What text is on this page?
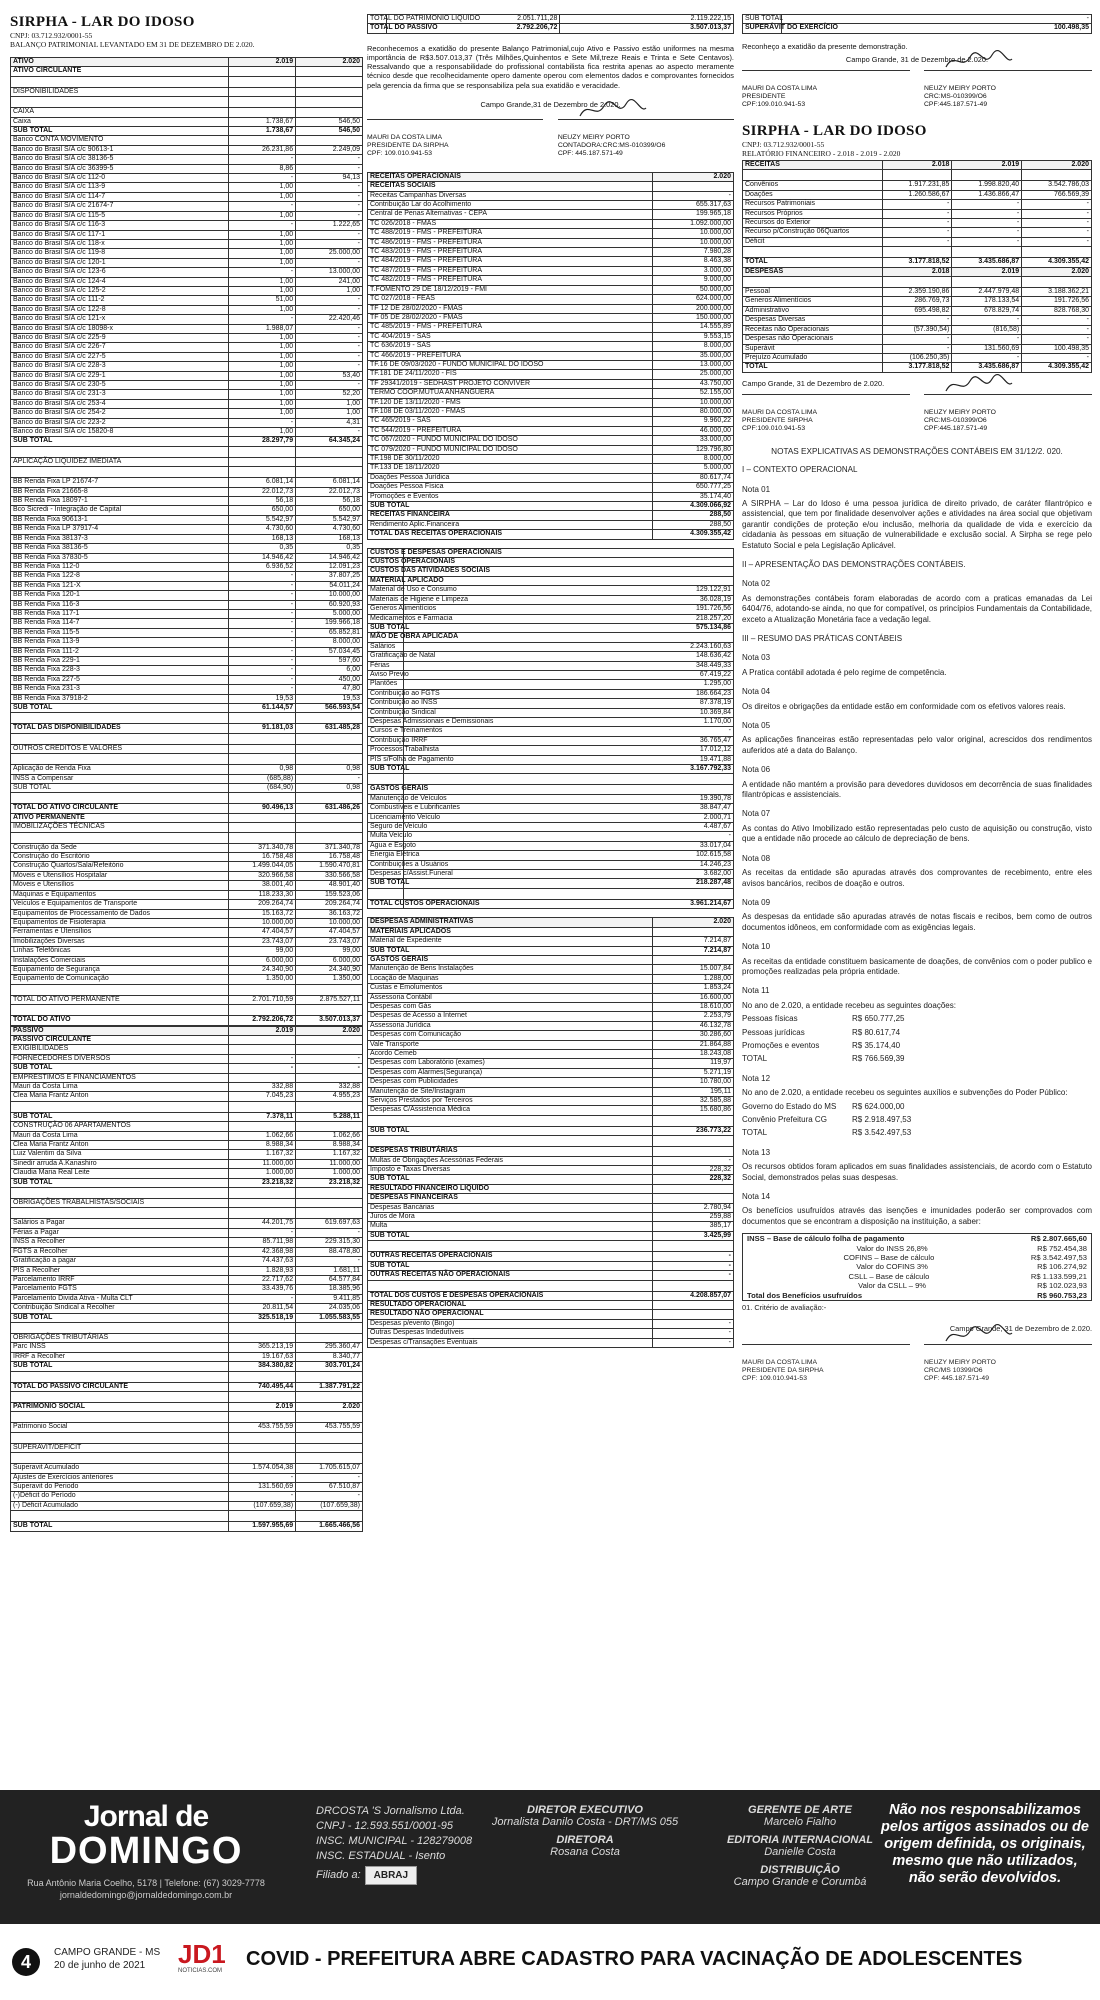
SIRPHA - LAR DO IDOSO
CNPJ: 03.712.932/0001-55
BALANÇO PATRIMONIAL LEVANTADO EM 31 DE DEZEMBRO DE 2.020.
ATIVO	2.019	2.020
ATIVO CIRCULANTE		

DISPONIBILIDADES		

CAIXA		
Caixa	1.738,67	546,50
SUB TOTAL	1.738,67	546,50
Banco CONTA MOVIMENTO		
Banco do Brasil S/A c/c 90613-1	26.231,86	2.249,09
Banco do Brasil S/A c/c 38136-5	-	-
Banco do Brasil S/A c/c 36399-5	8,86	-
Banco do Brasil S/A c/c 112-0	-	94,13
Banco do Brasil S/A c/c 113-9	1,00	-
Banco do Brasil S/A c/c 114-7	1,00	-
Banco do Brasil S/A c/c 21674-7	-	-
Banco do Brasil S/A c/c 115-5	1,00	-
Banco do Brasil S/A c/c 116-3	-	1.222,65
Banco do Brasil S/A c/c 117-1	1,00	-
Banco do Brasil S/A c/c 118-x	1,00	-
Banco do Brasil S/A c/c 119-8	1,00	25.000,00
Banco do Brasil S/A c/c 120-1	1,00	-
Banco do Brasil S/A c/c 123-6	-	13.000,00
Banco do Brasil S/A c/c 124-4	1,00	241,00
Banco do Brasil S/A c/c 125-2	1,00	1,00
Banco do Brasil S/A c/c 111-2	51,00	-
Banco do Brasil S/A c/c 122-8	1,00	-
Banco do Brasil S/A c/c 121-x	-	22.420,46
Banco do Brasil S/A c/c 18098-x	1.988,07	-
Banco do Brasil S/A c/c 225-9	1,00	-
Banco do Brasil S/A c/c 226-7	1,00	-
Banco do Brasil S/A c/c 227-5	1,00	-
Banco do Brasil S/A c/c 228-3	1,00	-
Banco do Brasil S/A c/c 229-1	1,00	53,40
Banco do Brasil S/A c/c 230-5	1,00	-
Banco do Brasil S/A c/c 231-3	1,00	52,20
Banco do Brasil S/A c/c 253-4	1,00	1,00
Banco do Brasil S/A c/c 254-2	1,00	1,00
Banco do Brasil S/A c/c 223-2	-	4,31
Banco do Brasil S/A c/c 15820-8	1,00	-
SUB TOTAL	28.297,79	64.345,24

APLICAÇÃO LIQUIDEZ IMEDIATA		

BB Renda Fixa LP 21674-7	6.081,14	6.081,14
BB Renda Fixa 21665-8	22.012,73	22.012,73
BB Renda Fixa 18097-1	56,18	56,18
Bco Sicredi - Integração de Capital	650,00	650,00
BB Renda Fixa 90613-1	5.542,97	5.542,97
BB Renda Fixa LP 37917-4	4.730,60	4.730,60
BB Renda Fixa 38137-3	168,13	168,13
BB Renda Fixa 38136-5	0,35	0,35
BB Renda Fixa 37830-5	14.946,42	14.946,42
BB Renda Fixa 112-0	6.936,52	12.091,23
BB Renda Fixa 122-8	-	37.807,25
BB Renda Fixa 121-X	-	54.011,24
BB Renda Fixa 120-1	-	10.000,00
BB Renda Fixa 116-3	-	60.920,93
BB Renda Fixa 117-1	-	5.000,00
BB Renda Fixa 114-7	-	199.966,18
BB Renda Fixa 115-5	-	65.852,81
BB Renda Fixa 113-9	-	8.000,00
BB Renda Fixa 111-2	-	57.034,45
BB Renda Fixa 229-1	-	597,60
BB Renda Fixa 228-3	-	6,00
BB Renda Fixa 227-5	-	450,00
BB Renda Fixa 231-3	-	47,80
BB Renda Fixa 37918-2	19,53	19,53
SUB TOTAL	61.144,57	566.593,54

TOTAL DAS DISPONIBILIDADES	91.181,03	631.485,28

OUTROS CREDITOS E VALORES		

Aplicação de Renda Fixa	0,98	0,98
INSS a Compensar	(685,88)	-
SUB TOTAL	(684,90)	0,98

TOTAL DO ATIVO CIRCULANTE	90.496,13	631.486,26
ATIVO PERMANENTE		
IMOBILIZAÇÕES TÉCNICAS		

Construção da Sede	371.340,78	371.340,78
Construção do Escritório	16.758,48	16.758,48
Construção Quartos/Sala/Refeitório	1.499.044,05	1.590.470,81
Móveis e Utensílios Hospitalar	320.966,58	330.566,58
Móveis e Utensílios	38.001,40	48.901,40
Máquinas e Equipamentos	118.233,30	159.523,06
Veículos e Equipamentos de Transporte	209.264,74	209.264,74
Equipamentos de Processamento de Dados	15.163,72	36.163,72
Equipamentos de Fisioterapia	10.000,00	10.000,00
Ferramentas e Utensílios	47.404,57	47.404,57
Imobilizações Diversas	23.743,07	23.743,07
Linhas Telefônicas	99,00	99,00
Instalações Comerciais	6.000,00	6.000,00
Equipamento de Segurança	24.340,90	24.340,90
Equipamento de Comunicação	1.350,00	1.350,00

TOTAL DO ATIVO PERMANENTE	2.701.710,59	2.875.527,11

TOTAL DO ATIVO	2.792.206,72	3.507.013,37
PASSIVO	2.019	2.020
PASSIVO CIRCULANTE		
EXIGIBILIDADES		
FORNECEDORES DIVERSOS	-	-
SUB TOTAL	-	-
EMPRESTIMOS E FINANCIAMENTOS		
Mauri da Costa Lima	332,88	332,88
Clea Maria Frantz Anton	7.045,23	4.955,23

SUB TOTAL	7.378,11	5.288,11
CONSTRUÇÃO 06 APARTAMENTOS		
Mauri da Costa Lima	1.062,66	1.062,66
Clea Maria Frantz Anton	8.988,34	8.988,34
Luiz Valentim da Silva	1.167,32	1.167,32
Sinedir arruda A.Kanashiro	11.000,00	11.000,00
Claudia Maria Real Leite	1.000,00	1.000,00
SUB TOTAL	23.218,32	23.218,32

OBRIGAÇÕES TRABALHISTAS/SOCIAIS		

Salários a Pagar	44.201,75	619.697,63
Férias a Pagar	-	-
INSS a Recolher	85.711,98	229.315,30
FGTS a Recolher	42.368,98	88.478,80
Gratificação a pagar	74.437,63	-
PIS a Recolher	1.828,93	1.681,11
Parcelamento IRRF	22.717,62	64.577,84
Parcelamento FGTS	33.439,76	18.385,96
Parcelamento Divida Ativa - Multa CLT	-	9.411,85
Contribuição Sindical a Recolher	20.811,54	24.035,06
SUB TOTAL	325.518,19	1.055.583,55

OBRIGAÇÕES TRIBUTÁRIAS		
Parc INSS	365.213,19	295.360,47
IRRF a Recolher	19.167,63	8.340,77
SUB TOTAL	384.380,82	303.701,24

TOTAL DO PASSIVO CIRCULANTE	740.495,44	1.387.791,22

PATRIMONIO SOCIAL	2.019	2.020

Patrimonio Social	453.755,59	453.755,59

SUPERAVIT/DEFICIT		

Superavit Acumulado	1.574.054,38	1.705.615,07
Ajustes de Exercícios anteriores	-	-
Superavit do Periodo	131.560,69	67.510,87
(-)Déficit do Período	-	-
(-) Déficit Acumulado	(107.659,38)	(107.659,38)

SUB TOTAL	1.597.955,69	1.665.466,56
TOTAL DO PATRIMONIO LIQUIDO	2.051.711,28	2.119.222,15
TOTAL DO PASSIVO	2.792.206,72	3.507.013,37

Reconhecemos a exatidão do presente Balanço Patrimonial,cujo Ativo e Passivo estão uniformes na mesma importância de R$3.507.013,37 (Três Milhões,Quinhentos e Sete Mil,treze Reais e Trinta e Sete Centavos). Ressalvando que a responsabilidade do profissional contabilista fica restrita apenas ao aspecto meramente técnico desde que recolhecidamente opero damente operou com elementos dados e comprovantes fornecidos pela gerencia da firma que se responsabiliza pela sua exatidão e veracidade.

Campo Grande,31 de Dezembro de 2.020.
MAURI DA COSTA LIMA
PRESIDENTE DA SIRPHA
CPF: 109.010.941-53
NEUZY MEIRY PORTO
CONTADORA:CRC:MS-010399/O6
CPF: 445.187.571-49
RECEITAS OPERACIONAIS	2.020
RECEITAS SOCIAIS	
Receitas Campanhas Diversas	-
Contribuição Lar do Acolhimento	655.317,63
Central de Penas Alternativas - CEPA	199.965,18
TC 026/2018 - FMAS	1.092.000,00
TC 488/2019 - FMS - PREFEITURA	10.000,00
TC 486/2019 - FMS - PREFEITURA	10.000,00
TC 483/2019 - FMS - PREFEITURA	7.980,28
TC 484/2019 - FMS - PREFEITURA	8.463,38
TC 487/2019 - FMS - PREFEITURA	3.000,00
TC 482/2019 - FMS - PREFEITURA	9.000,00
T.FOMENTO 29 DE 18/12/2019 - FMI	50.000,00
TC 027/2018 - FEAS	624.000,00
TF 12 DE 28/02/2020 - FMAS	200.000,00
TF 05 DE 28/02/2020 - FMAS	150.000,00
TC 485/2019 - FMS - PREFEITURA	14.555,89
TC 404/2019 - SAS	9.553,15
TC 636/2019 - SAS	8.000,00
TC 466/2019 - PREFEITURA	35.000,00
TF.16 DE 09/03/2020 - FUNDO MUNICIPAL DO IDOSO	13.000,00
TF.181 DE 24/11/2020 - FIS	25.000,00
TF 29341/2019 - SEDHAST PROJETO CONVIVER	43.750,00
TERMO COOP.MUTUA ANHANGUERA	52.155,00
TF.120 DE 13/11/2020 - FMS	10.000,00
TF.108 DE 03/11/2020 - FMAS	80.000,00
TC 465/2019 - SAS	9.960,22
TC 544/2019 - PREFEITURA	46.000,00
TC 067/2020 - FUNDO MUNICIPAL DO IDOSO	33.000,00
TC 079/2020 - FUNDO MUNICIPAL DO IDOSO	129.796,80
TF.198 DE 30/11/2020	8.000,00
TF.133 DE 18/11/2020	5.000,00
Doações Pessoa Jurídica	80.617,74
Doações Pessoa Física	650.777,25
Promoções e Eventos	35.174,40
SUB TOTAL	4.309.066,92
RECEITAS FINANCEIRA	288,50
Rendimento Aplic.Financeira	288,50
TOTAL DAS RECEITAS OPERACIONAIS	4.309.355,42
CUSTOS E DESPESAS OPERACIONAIS	
CUSTOS OPERACIONAIS	
CUSTOS DAS ATIVIDADES SOCIAIS	
MATERIAL APLICADO	
Material de Uso e Consumo	129.122,91
Materiais de Higiene e Limpeza	36.028,19
Generos Alimentícios	191.726,56
Medicamentos e Farmacia	218.257,20
SUB TOTAL	575.134,86
MÃO DE OBRA APLICADA	
Salários	2.243.160,63
Gratificação de Natal	148.636,42
Férias	348.449,33
Aviso Previo	67.419,22
Plantões	1.295,00
Contribuição ao FGTS	186.664,23
Contribuição ao INSS	87.378,19
Contribuição Sindical	10.369,84
Despesas Admissionais e Demissionais	1.170,00
Cursos e Treinamentos	-
Contribuição IRRF	36.765,47
Processos Trabalhista	17.012,12
PIS s/Folha de Pagamento	19.471,88
SUB TOTAL	3.167.792,33

GASTOS GERAIS	
Manutenção de Veículos	19.390,78
Combustíveis e Lubrificantes	38.847,47
Licenciamento Veículo	2.000,71
Seguro de Veículo	4.487,67
Multa Veículo	-
Agua e Esgoto	33.017,04
Energia Elétrica	102.615,58
Contribuições a Usuários	14.246,23
Despesas c/Assist.Funeral	3.682,00
SUB TOTAL	218.287,48

TOTAL CUSTOS OPERACIONAIS	3.961.214,67
DESPESAS ADMINISTRATIVAS	2.020
MATERIAIS APLICADOS	
Material de Expediente	7.214,87
SUB TOTAL	7.214,87
GASTOS GERAIS	
Manutenção de Bens Instalações	15.007,84
Locação de Maquinas	1.288,00
Custas e Emolumentos	1.853,24
Assessoria Contábil	16.600,00
Despesas com Gás	18.610,00
Despesas de Acesso a Internet	2.253,79
Assessoria Jurídica	46.132,78
Despesas com Comunicação	30.286,60
Vale Transporte	21.864,88
Acordo Cemeb	18.243,08
Despesas com Laboratório (exames)	119,97
Despesas com Alarmes(Segurança)	5.271,19
Despesas com Publicidades	10.780,00
Manutenção de Site/Instagram	195,11
Serviços Prestados por Terceiros	32.585,88
Despesas C/Assistencia Médica	15.680,86

SUB TOTAL	236.773,22

DESPESAS TRIBUTÁRIAS	
Multas de Obrigações Acessórias Federais	-
Imposto e Taxas Diversas	228,32
SUB TOTAL	228,32
RESULTADO FINANCEIRO LIQUIDO	
DESPESAS FINANCEIRAS	
Despesas Bancárias	2.780,94
Juros de Mora	259,88
Multa	385,17
SUB TOTAL	3.425,99

OUTRAS RECEITAS OPERACIONAIS	-
SUB TOTAL	-
OUTRAS RECEITAS NÃO OPERACIONAIS	-

TOTAL DOS CUSTOS E DESPESAS OPERACIONAIS	4.208.857,07
RESULTADO OPERACIONAL	
RESULTADO NÃO OPERACIONAL	
Despesas p/evento (Bingo)	-
Outras Despesas Indedutíveis	-
Despesas c/Transações Eventuais	-
SUB TOTAL	-
SUPERÁVIT DO EXERCÍCIO	100.498,35
Reconheço a exatidão da presente demonstração.
Campo Grande, 31 de Dezembro de 2.020.
MAURI DA COSTA LIMA
PRESIDENTE
CPF:109.010.941-53
NEUZY MEIRY PORTO
CRC:MS-010399/O6
CPF:445.187.571-49
SIRPHA - LAR DO IDOSO
CNPJ: 03.712.932/0001-55
RELATÓRIO FINANCEIRO - 2.018 - 2.019 - 2.020
RECEITAS	2.018	2.019	2.020

Convênios	1.917.231,85	1.998.820,40	3.542.786,03
Doações	1.260.586,67	1.436.866,47	766.569,39
Recursos Patrimoniais	-	-	-
Recursos Próprios	-	-	-
Recursos do Exterior	-	-	-
Recurso p/Construção 06Quartos	-	-	-
Déficit	-	-	-

TOTAL	3.177.818,52	3.435.686,87	4.309.355,42
DESPESAS	2.018	2.019	2.020

Pessoal	2.359.190,86	2.447.979,48	3.188.362,21
Generos Alimentícios	286.769,73	178.133,54	191.726,56
Administrativo	695.498,82	678.829,74	828.768,30
Despesas Diversas	-	-	-
Receitas não Operacionais	(57.390,54)	(816,58)	-
Despesas não Operacionais	-	-	-
Superávit	-	131.560,69	100.498,35
Prejuízo Acumulado	(106.250,35)	-	-
TOTAL	3.177.818,52	3.435.686,87	4.309.355,42
Campo Grande, 31 de Dezembro de 2.020.
MAURI DA COSTA LIMA
PRESIDENTE SIRPHA
CPF:109.010.941-53
NEUZY MEIRY PORTO
CRC:MS-010399/O6
CPF:445.187.571-49
NOTAS EXPLICATIVAS AS DEMONSTRAÇÕES CONTÁBEIS EM 31/12/2. 020.
I – CONTEXTO OPERACIONAL
Nota 01

A SIRPHA – Lar do Idoso é uma pessoa jurídica de direito privado, de caráter filantrópico e assistencial, que tem por finalidade desenvolver ações e atividades na área social que objetivam garantir condições de proteção e/ou inclusão, melhoria da qualidade de vida e exercício da cidadania às pessoas em situação de vulnerabilidade e exclusão social. A Sirpha se rege pelo Estatuto Social e pela Legislação Aplicável.

II – APRESENTAÇÃO DAS DEMONSTRAÇÕES CONTÁBEIS.
Nota 02

As demonstrações contábeis foram elaboradas de acordo com a praticas emanadas da Lei 6404/76, adotando-se ainda, no que for compatível, os princípios Fundamentais da Contabilidade, exceto a Atualização Monetária face a vedação legal.

III – RESUMO DAS PRÁTICAS CONTÁBEIS
Nota 03

A Pratica contábil adotada é pelo regime de competência.

Nota 04

Os direitos e obrigações da entidade estão em conformidade com os efetivos valores reais.

Nota 05

As aplicações financeiras estão representadas pelo valor original, acrescidos dos rendimentos auferidos até a data do Balanço.

Nota 06

A entidade não mantém a provisão para devedores duvidosos em decorrência de suas finalidades filantrópicas e assistenciais.

Nota 07

As contas do Ativo Imobilizado estão representadas pelo custo de aquisição ou construção, visto que a entidade não procede ao cálculo de depreciação de bens.

Nota 08

As receitas da entidade são apuradas através dos comprovantes de recebimento, entre eles avisos bancários, recibos de doação e outros.

Nota 09

As despesas da entidade são apuradas através de notas fiscais e recibos, bem como de outros documentos idôneos, em conformidade com as exigências legais.

Nota 10

As receitas da entidade constituem basicamente de doações, de convênios com o poder publico e promoções realizadas pela própria entidade.

Nota 11

No ano de 2.020, a entidade recebeu as seguintes doações:

Pessoas físicas	R$ 650.777,25
Pessoas jurídicas	R$ 80.617,74
Promoções e eventos	R$ 35.174,40
TOTAL	R$ 766.569,39
Nota 12

No ano de 2.020, a entidade recebeu os seguintes auxílios e subvenções do Poder Público:

Governo do Estado do MS	R$ 624.000,00
Convênio Prefeitura CG	R$ 2.918.497,53
TOTAL	R$ 3.542.497,53
Nota 13

Os recursos obtidos foram aplicados em suas finalidades assistenciais, de acordo com o Estatuto Social, demonstrados pelas suas despesas.

Nota 14

Os benefícios usufruídos através das isenções e imunidades poderão ser comprovados com documentos que se encontram a disposição na instituição, a saber:

INSS – Base de cálculo folha de pagamento	R$ 2.807.665,60
Valor do INSS 26,8%	R$ 752.454,38
COFINS – Base de cálculo	R$ 3.542.497,53
Valor do COFINS 3%	R$ 106.274,92
CSLL – Base de cálculo	R$ 1.133.599,21
Valor da CSLL – 9%	R$ 102.023,93
Total dos Benefícios usufruídos	R$ 960.753,23
01. Critério de avaliação:-
Campo Grande, 31 de Dezembro de 2.020.
MAURI DA COSTA LIMA
PRESIDENTE DA SIRPHA
CPF: 109.010.941-53
NEUZY MEIRY PORTO
CRC/MS 10399/O6
CPF: 445.187.571-49
Jornal de
DOMINGO
Rua Antônio Maria Coelho, 5178 | Telefone: (67) 3029-7778
jornaldedomingo@jornaldedomingo.com.br
DRCOSTA 'S Jornalismo Ltda.
CNPJ - 12.593.551/0001-95
INSC. MUNICIPAL - 128279008
INSC. ESTADUAL - Isento
Filiado a: ABRAJ
DIRETOR EXECUTIVO
Jornalista Danilo Costa - DRT/MS 055
DIRETORA
Rosana Costa
GERENTE DE ARTE
Marcelo Fialho
EDITORIA INTERNACIONAL
Danielle Costa
DISTRIBUIÇÃO
Campo Grande e Corumbá
Não nos responsabilizamos pelos artigos assinados ou de origem definida, os originais, mesmo que não utilizados, não serão devolvidos.
4	CAMPO GRANDE - MS
20 de junho de 2021	JD1
NOTICIAS.COM
COVID - PREFEITURA ABRE CADASTRO PARA VACINAÇÃO DE ADOLESCENTES
